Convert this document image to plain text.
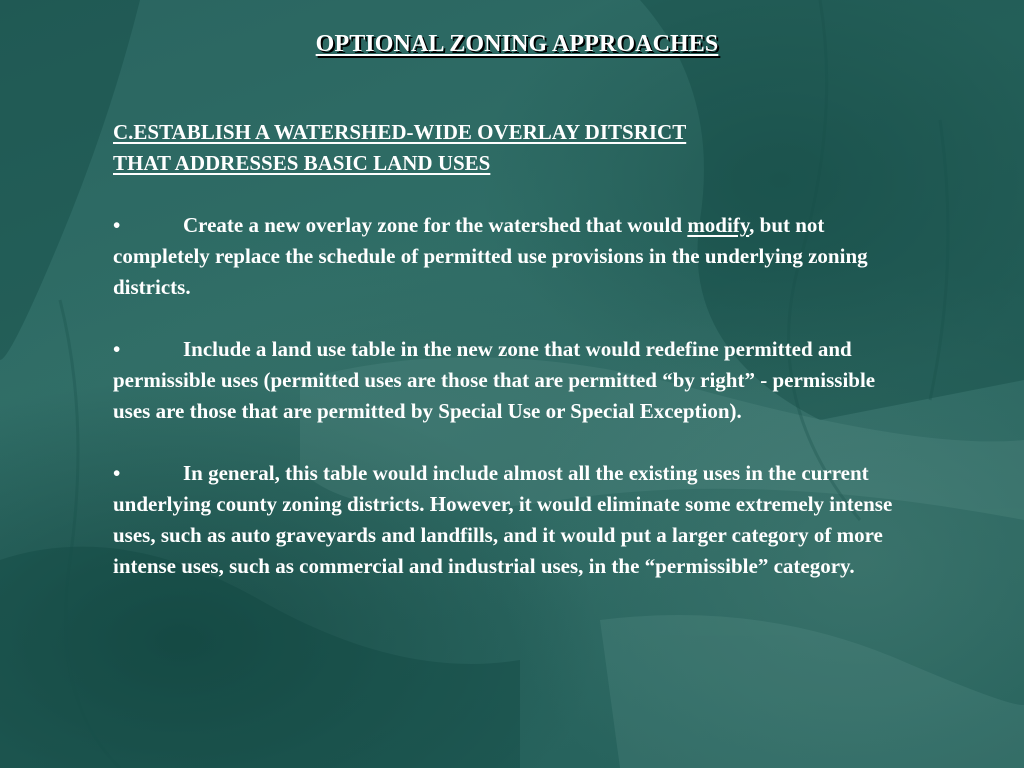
OPTIONAL ZONING APPROACHES
C.ESTABLISH A WATERSHED-WIDE OVERLAY DITSRICT
THAT ADDRESSES BASIC LAND USES
•	Create a new overlay zone for the watershed that would modify, but not completely replace the schedule of permitted use provisions in the underlying zoning districts.
•	Include a land use table in the new zone that would redefine permitted and permissible uses (permitted uses are those that are permitted “by right” - permissible uses are those that are permitted by Special Use or Special Exception).
•	In general, this table would include almost all the existing uses in the current underlying county zoning districts. However, it would eliminate some extremely intense uses, such as auto graveyards and landfills, and it would put a larger category of more intense uses, such as commercial and industrial uses, in the “permissible” category.
